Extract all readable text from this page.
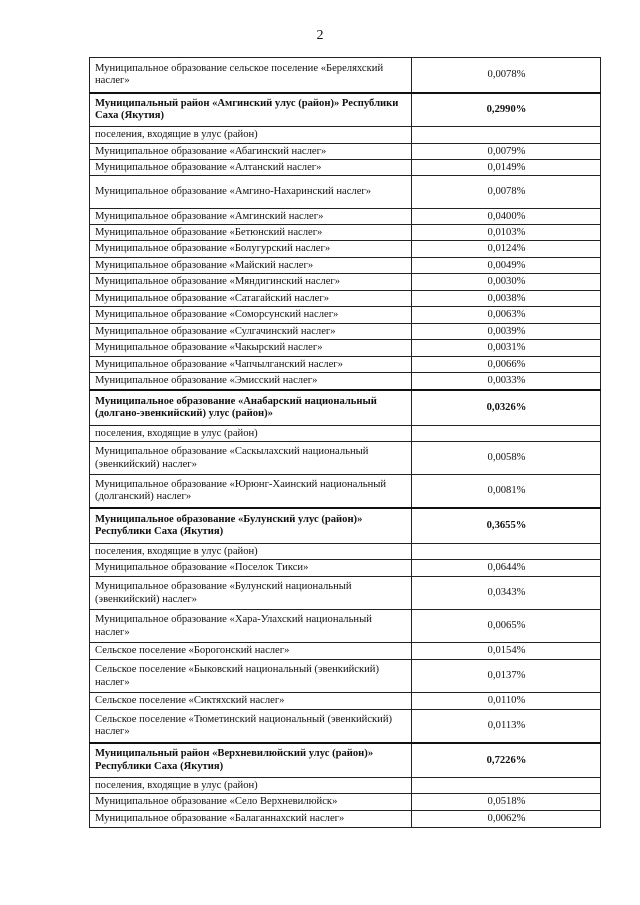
2
Муниципальное образование сельское поселение «Береляхский наслег»	0,0078%
Муниципальный район «Амгинский улус (район)» Республики Саха (Якутия)	0,2990%
поселения, входящие в улус (район)	
Муниципальное образование «Абагинский наслег»	0,0079%
Муниципальное образование «Алтанский наслег»	0,0149%
Муниципальное образование «Амгино-Нахаринский наслег»	0,0078%
Муниципальное образование «Амгинский наслег»	0,0400%
Муниципальное образование «Бетюнский наслег»	0,0103%
Муниципальное образование «Болугурский наслег»	0,0124%
Муниципальное образование «Майский наслег»	0,0049%
Муниципальное образование «Мяндигинский наслег»	0,0030%
Муниципальное образование «Сатагайский наслег»	0,0038%
Муниципальное образование «Соморсунский наслег»	0,0063%
Муниципальное образование «Сулгачинский наслег»	0,0039%
Муниципальное образование «Чакырский наслег»	0,0031%
Муниципальное образование «Чапчылганский наслег»	0,0066%
Муниципальное образование «Эмисский наслег»	0,0033%
Муниципальное образование «Анабарский национальный (долгано-эвенкийский) улус (район)»	0,0326%
поселения, входящие в улус (район)	
Муниципальное образование «Саскылахский национальный (эвенкийский) наслег»	0,0058%
Муниципальное образование «Юрюнг-Хаинский национальный (долганский) наслег»	0,0081%
Муниципальное образование «Булунский улус (район)» Республики Саха (Якутия)	0,3655%
поселения, входящие в улус (район)	
Муниципальное образование «Поселок Тикси»	0,0644%
Муниципальное образование «Булунский национальный (эвенкийский) наслег»	0,0343%
Муниципальное образование «Хара-Улахский национальный наслег»	0,0065%
Сельское поселение «Борогонский наслег»	0,0154%
Сельское поселение «Быковский национальный (эвенкийский) наслег»	0,0137%
Сельское поселение «Сиктяхский наслег»	0,0110%
Сельское поселение «Тюметинский национальный (эвенкийский) наслег»	0,0113%
Муниципальный район «Верхневилюйский улус (район)» Республики Саха (Якутия)	0,7226%
поселения, входящие в улус (район)	
Муниципальное образование «Село Верхневилюйск»	0,0518%
Муниципальное образование «Балаганнахский наслег»	0,0062%
